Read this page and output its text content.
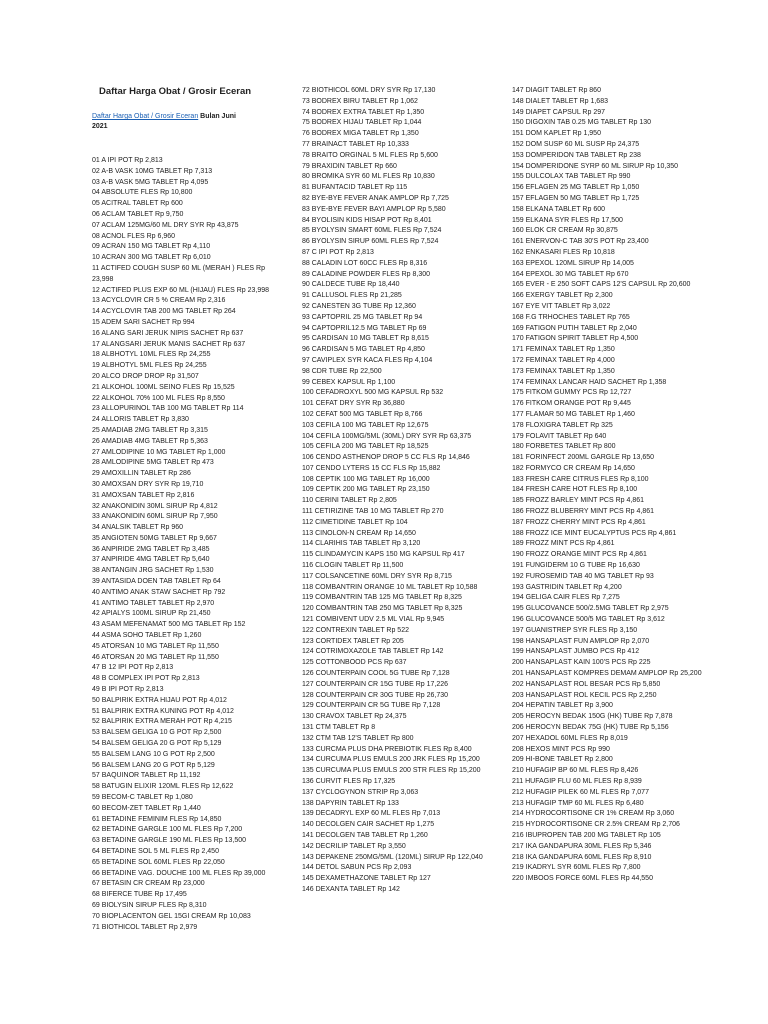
Daftar Harga Obat / Grosir Eceran
Daftar Harga Obat / Grosir Eceran Bulan Juni 2021
01 A IPI POT Rp 2,813
02 A-B VASK 10MG TABLET Rp 7,313
03 A-B VASK 5MG TABLET Rp 4,095
04 ABSOLUTE FLES Rp 10,800
05 ACITRAL TABLET Rp 600
06 ACLAM TABLET Rp 9,750
07 ACLAM 125MG/60 ML DRY SYR Rp 43,875
08 ACNOL FLES Rp 6,960
09 ACRAN 150 MG TABLET Rp 4,110
10 ACRAN 300 MG TABLET Rp 6,010
11 ACTIFED COUGH SUSP 60 ML (MERAH ) FLES Rp 23,998
12 ACTIFED PLUS EXP 60 ML (HIJAU) FLES Rp 23,998
13 ACYCLOVIR CR 5 % CREAM Rp 2,316
14 ACYCLOVIR TAB 200 MG TABLET Rp 264
15 ADEM SARI SACHET Rp 994
16 ALANG SARI JERUK NIPIS SACHET Rp 637
17 ALANGSARI JERUK MANIS SACHET Rp 637
18 ALBHOTYL 10ML FLES Rp 24,255
19 ALBHOTYL 5ML FLES Rp 24,255
20 ALCO DROP DROP Rp 31,507
21 ALKOHOL 100ML SEINO FLES Rp 15,525
22 ALKOHOL 70% 100 ML FLES Rp 8,550
23 ALLOPURINOL TAB 100 MG TABLET Rp 114
24 ALLORIS TABLET Rp 3,830
25 AMADIAB 2MG TABLET Rp 3,315
26 AMADIAB 4MG TABLET Rp 5,363
27 AMLODIPINE 10 MG TABLET Rp 1,000
28 AMLODIPINE 5MG TABLET Rp 473
29 AMOXILLIN TABLET Rp 286
30 AMOXSAN DRY SYR Rp 19,710
31 AMOXSAN TABLET Rp 2,816
32 ANAKONIDIN 30ML SIRUP Rp 4,812
33 ANAKONIDIN 60ML SIRUP Rp 7,950
34 ANALSIK TABLET Rp 960
35 ANGIOTEN 50MG TABLET Rp 9,667
36 ANPIRIDE 2MG TABLET Rp 3,485
37 ANPIRIDE 4MG TABLET Rp 5,640
38 ANTANGIN JRG SACHET Rp 1,530
39 ANTASIDA DOEN TAB TABLET Rp 64
40 ANTIMO ANAK STAW SACHET Rp 792
41 ANTIMO TABLET TABLET Rp 2,970
42 APIALYS 100ML SIRUP Rp 21,450
43 ASAM MEFENAMAT 500 MG TABLET Rp 152
44 ASMA SOHO TABLET Rp 1,260
45 ATORSAN 10 MG TABLET Rp 11,550
46 ATORSAN 20 MG TABLET Rp 11,550
47 B 12 IPI POT Rp 2,813
48 B COMPLEX IPI POT Rp 2,813
49 B IPI POT Rp 2,813
50 BALPIRIK EXTRA HIJAU POT Rp 4,012
51 BALPIRIK EXTRA KUNING POT Rp 4,012
52 BALPIRIK EXTRA MERAH POT Rp 4,215
53 BALSEM GELIGA 10 G POT Rp 2,500
54 BALSEM GELIGA 20 G POT Rp 5,129
55 BALSEM LANG 10 G POT Rp 2,500
56 BALSEM LANG 20 G POT Rp 5,129
57 BAQUINOR TABLET Rp 11,192
58 BATUGIN ELIXIR 120ML FLES Rp 12,622
59 BECOM-C TABLET Rp 1,080
60 BECOM-ZET TABLET Rp 1,440
61 BETADINE FEMINIM FLES Rp 14,850
62 BETADINE GARGLE 100 ML FLES Rp 7,200
63 BETADINE GARGLE 190 ML FLES Rp 13,500
64 BETADINE SOL 5 ML FLES Rp 2,450
65 BETADINE SOL 60ML FLES Rp 22,050
66 BETADINE VAG. DOUCHE 100 ML FLES Rp 39,000
67 BETASIN CR CREAM Rp 23,000
68 BIFERCE TUBE Rp 17,495
69 BIOLYSIN SIRUP FLES Rp 8,310
70 BIOPLACENTON GEL 15GI CREAM Rp 10,083
71 BIOTHICOL TABLET Rp 2,979
72 BIOTHICOL 60ML DRY SYR Rp 17,130
73 BODREX BIRU TABLET Rp 1,062
74 BODREX EXTRA TABLET Rp 1,350
75 BODREX HIJAU TABLET Rp 1,044
76 BODREX MIGA TABLET Rp 1,350
77 BRAINACT TABLET Rp 10,333
78 BRAITO ORGINAL 5 ML FLES Rp 5,600
79 BRAXIDIN TABLET Rp 660
80 BROMIKA SYR 60 ML FLES Rp 10,830
81 BUFANTACID TABLET Rp 115
82 BYE-BYE FEVER ANAK AMPLOP Rp 7,725
83 BYE-BYE FEVER BAYI AMPLOP Rp 5,580
84 BYOLISIN KIDS HISAP POT Rp 8,401
85 BYOLYSIN SMART 60ML FLES Rp 7,524
86 BYOLYSIN SIRUP 60ML FLES Rp 7,524
87 C IPI POT Rp 2,813
88 CALADIN LOT 60CC FLES Rp 8,316
89 CALADINE POWDER FLES Rp 8,300
90 CALDECE TUBE Rp 18,440
91 CALLUSOL FLES Rp 21,285
92 CANESTEN 3G TUBE Rp 12,360
93 CAPTOPRIL 25 MG TABLET Rp 94
94 CAPTOPRIL12.5 MG TABLET Rp 69
95 CARDISAN 10 MG TABLET Rp 8,615
96 CARDISAN 5 MG TABLET Rp 4,850
97 CAVIPLEX SYR KACA FLES Rp 4,104
98 CDR TUBE Rp 22,500
99 CEBEX KAPSUL Rp 1,100
100 CEFADROXYL 500 MG KAPSUL Rp 532
101 CEFAT DRY SYR Rp 36,880
102 CEFAT 500 MG TABLET Rp 8,766
103 CEFILA 100 MG TABLET Rp 12,675
104 CEFILA 100MG/5ML (30ML) DRY SYR Rp 63,375
105 CEFILA 200 MG TABLET Rp 18,525
106 CENDO ASTHENOP DROP 5 CC FLS Rp 14,846
107 CENDO LYTERS 15 CC FLS Rp 15,882
108 CEPTIK 100 MG TABLET Rp 16,000
109 CEPTIK 200 MG TABLET Rp 23,150
110 CERINI TABLET Rp 2,805
111 CETIRIZINE TAB 10 MG TABLET Rp 270
112 CIMETIDINE TABLET Rp 104
113 CINOLON-N CREAM Rp 14,650
114 CLARIHIS TAB TABLET Rp 3,120
115 CLINDAMYCIN KAPS 150 MG KAPSUL Rp 417
116 CLOGIN TABLET Rp 11,500
117 COLSANCETINE 60ML DRY SYR Rp 8,715
118 COMBANTRIN ORANGE 10 ML TABLET Rp 10,588
119 COMBANTRIN TAB 125 MG TABLET Rp 8,325
120 COMBANTRIN TAB 250 MG TABLET Rp 8,325
121 COMBIVENT UDV 2.5 ML VIAL Rp 9,945
122 CONTREXIN TABLET Rp 522
123 CORTIDEX TABLET Rp 205
124 COTRIMOXAZOLE TAB TABLET Rp 142
125 COTTONBOOD PCS Rp 637
126 COUNTERPAIN COOL 5G TUBE Rp 7,128
127 COUNTERPAIN CR 15G TUBE Rp 17,226
128 COUNTERPAIN CR 30G TUBE Rp 26,730
129 COUNTERPAIN CR 5G TUBE Rp 7,128
130 CRAVOX TABLET Rp 24,375
131 CTM TABLET Rp 8
132 CTM TAB 12'S TABLET Rp 800
133 CURCMA PLUS DHA PREBIOTIK FLES Rp 8,400
134 CURCUMA PLUS EMULS 200 JRK FLES Rp 15,200
135 CURCUMA PLUS EMULS 200 STR FLES Rp 15,200
136 CURVIT FLES Rp 17,325
137 CYCLOGYNON STRIP Rp 3,063
138 DAPYRIN TABLET Rp 133
139 DECADRYL EXP 60 ML FLES Rp 7,013
140 DECOLGEN CAIR SACHET Rp 1,275
141 DECOLGEN TAB TABLET Rp 1,260
142 DECRILIP TABLET Rp 3,550
143 DEPAKENE 250MG/5ML (120ML) SIRUP Rp 122,040
144 DETOL SABUN PCS Rp 2,093
145 DEXAMETHAZONE TABLET Rp 127
146 DEXANTA TABLET Rp 142
147 DIAGIT TABLET Rp 860
148 DIALET TABLET Rp 1,683
149 DIAPET CAPSUL Rp 297
150 DIGOXIN TAB 0.25 MG TABLET Rp 130
151 DOM KAPLET Rp 1,950
152 DOM SUSP 60 ML SUSP Rp 24,375
153 DOMPERIDON TAB TABLET Rp 238
154 DOMPERIDONE SYRP 60 ML SIRUP Rp 10,350
155 DULCOLAX TAB TABLET Rp 990
156 EFLAGEN 25 MG TABLET Rp 1,050
157 EFLAGEN 50 MG TABLET Rp 1,725
158 ELKANA TABLET Rp 600
159 ELKANA SYR FLES Rp 17,500
160 ELOK CR CREAM Rp 30,875
161 ENERVON-C TAB 30'S POT Rp 23,400
162 ENKASARI FLES Rp 10,818
163 EPEXOL 120ML SIRUP Rp 14,005
164 EPEXOL 30 MG TABLET Rp 670
165 EVER - E 250 SOFT CAPS 12'S CAPSUL Rp 20,600
166 EXERGY TABLET Rp 2,300
167 EYE VIT TABLET Rp 3,022
168 F.G TRHOCHES TABLET Rp 765
169 FATIGON PUTIH TABLET Rp 2,040
170 FATIGON SPIRIT TABLET Rp 4,500
171 FEMINAX TABLET Rp 1,350
172 FEMINAX TABLET Rp 4,000
173 FEMINAX TABLET Rp 1,350
174 FEMINAX LANCAR HAID SACHET Rp 1,358
175 FITKOM GUMMY PCS Rp 12,727
176 FITKOM ORANGE POT Rp 9,445
177 FLAMAR 50 MG TABLET Rp 1,460
178 FLOXIGRA TABLET Rp 325
179 FOLAVIT TABLET Rp 640
180 FORBETES TABLET Rp 800
181 FORINFECT 200ML GARGLE Rp 13,650
182 FORMYCO CR CREAM Rp 14,650
183 FRESH CARE CITRUS FLES Rp 8,100
184 FRESH CARE HOT FLES Rp 8,100
185 FROZZ BARLEY MINT PCS Rp 4,861
186 FROZZ BLUBERRY MINT PCS Rp 4,861
187 FROZZ CHERRY MINT PCS Rp 4,861
188 FROZZ ICE MINT EUCALYPTUS PCS Rp 4,861
189 FROZZ MINT PCS Rp 4,861
190 FROZZ ORANGE MINT PCS Rp 4,861
191 FUNGIDERM 10 G TUBE Rp 16,630
192 FUROSEMID TAB 40 MG TABLET Rp 93
193 GASTRIDIN TABLET Rp 4,200
194 GELIGA CAIR FLES Rp 7,275
195 GLUCOVANCE 500/2.5MG TABLET Rp 2,975
196 GLUCOVANCE 500/5 MG TABLET Rp 3,612
197 GUANISTREP SYR FLES Rp 3,150
198 HANSAPLAST FUN AMPLOP Rp 2,070
199 HANSAPLAST JUMBO PCS Rp 412
200 HANSAPLAST KAIN 100'S PCS Rp 225
201 HANSAPLAST KOMPRES DEMAM AMPLOP Rp 25,200
202 HANSAPLAST ROL BESAR PCS Rp 5,850
203 HANSAPLAST ROL KECIL PCS Rp 2,250
204 HEPATIN TABLET Rp 3,900
205 HEROCYN BEDAK 150G (HK) TUBE Rp 7,878
206 HEROCYN BEDAK 75G (HK) TUBE Rp 5,156
207 HEXADOL 60ML FLES Rp 8,019
208 HEXOS MINT PCS Rp 990
209 HI-BONE TABLET Rp 2,800
210 HUFAGIP BP 60 ML FLES Rp 8,426
211 HUFAGIP FLU 60 ML FLES Rp 8,939
212 HUFAGIP PILEK 60 ML FLES Rp 7,077
213 HUFAGIP TMP 60 ML FLES Rp 6,480
214 HYDROCORTISONE CR 1% CREAM Rp 3,060
215 HYDROCORTISONE CR 2.5% CREAM Rp 2,706
216 IBUPROPEN TAB 200 MG TABLET Rp 105
217 IKA GANDAPURA 30ML FLES Rp 5,346
218 IKA GANDAPURA 60ML FLES Rp 8,910
219 IKADRYL SYR 60ML FLES Rp 7,800
220 IMBOOS FORCE 60ML FLES Rp 44,550
